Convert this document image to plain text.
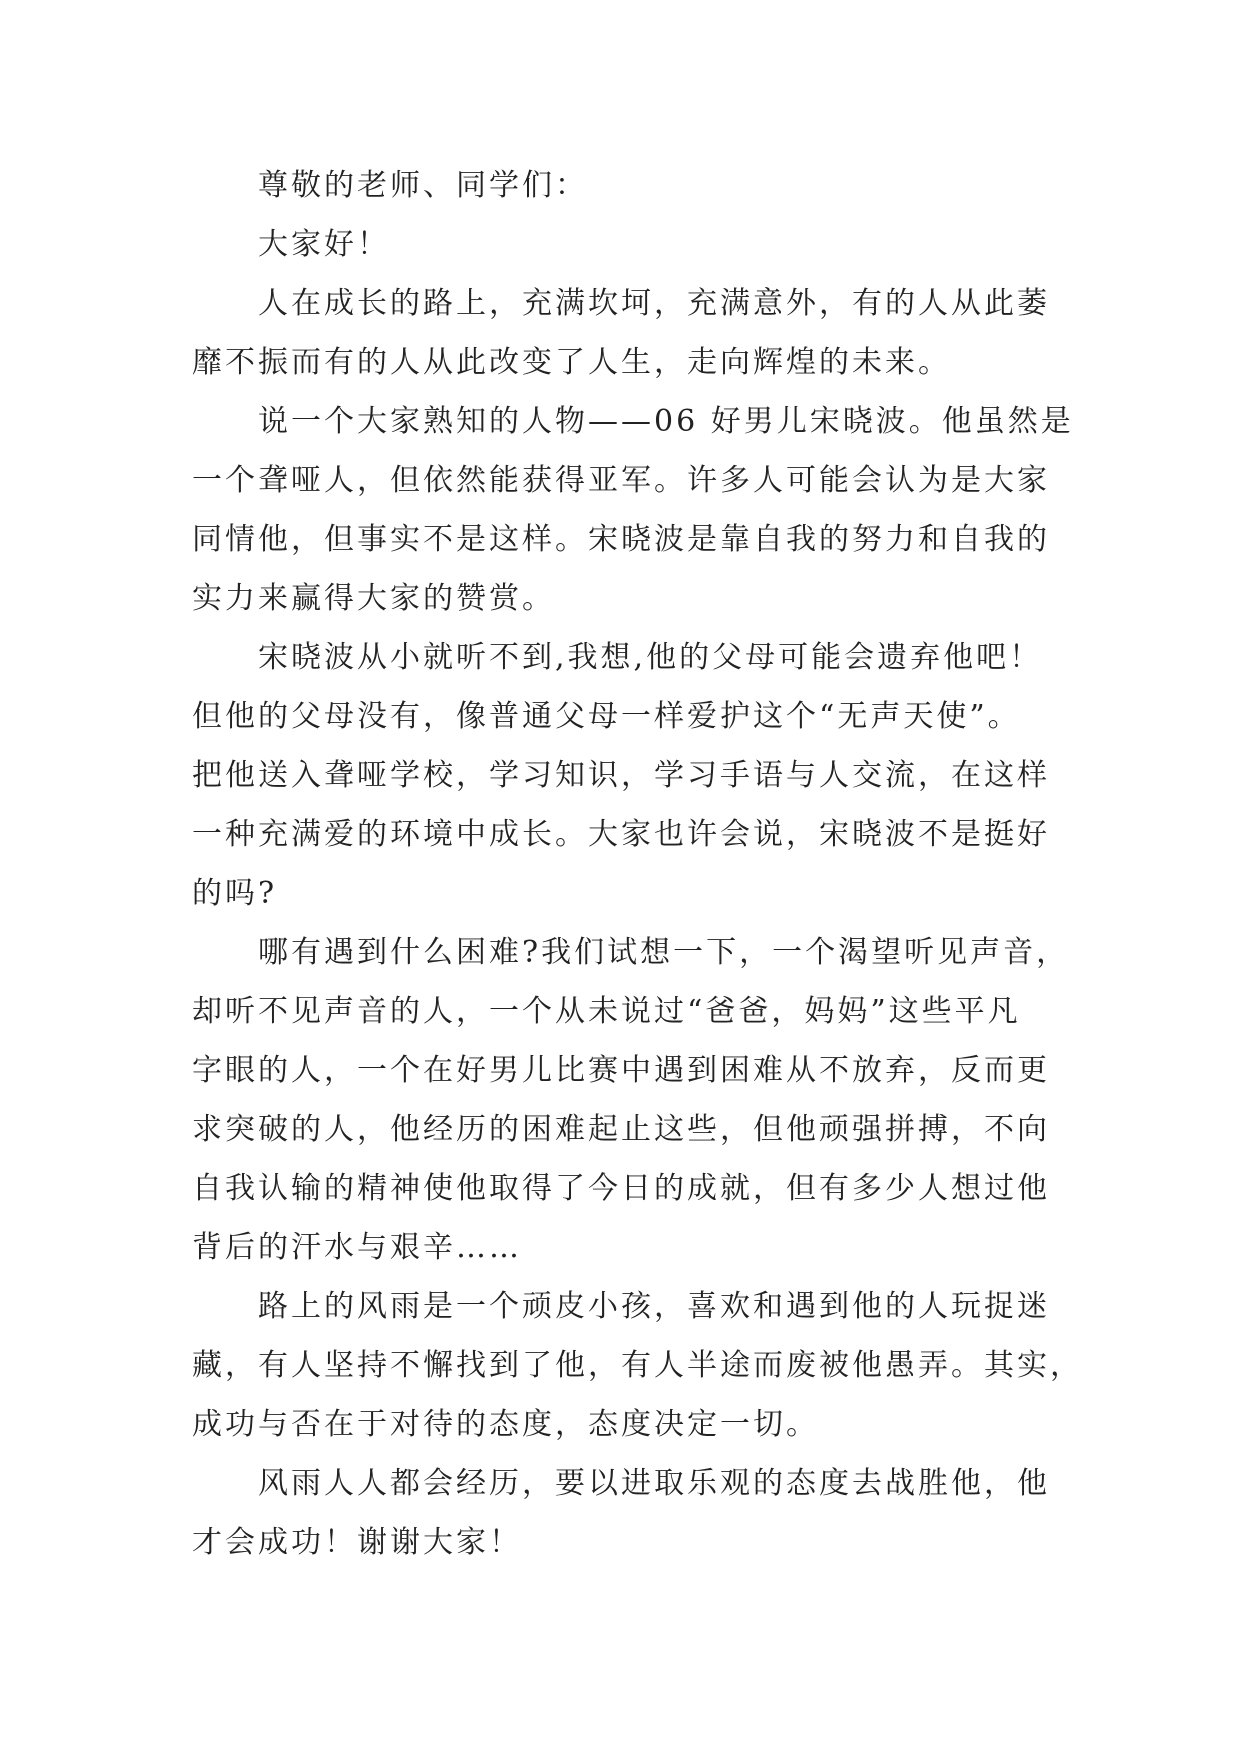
尊敬的老师、同学们：
大家好！
人在成长的路上，充满坎坷，充满意外，有的人从此萎
靡不振而有的人从此改变了人生，走向辉煌的未来。
说一个大家熟知的人物——06 好男儿宋晓波。他虽然是
一个聋哑人，但依然能获得亚军。许多人可能会认为是大家
同情他，但事实不是这样。宋晓波是靠自我的努力和自我的
实力来赢得大家的赞赏。
宋晓波从小就听不到,我想,他的父母可能会遗弃他吧！
但他的父母没有，像普通父母一样爱护这个“无声天使”。
把他送入聋哑学校，学习知识，学习手语与人交流，在这样
一种充满爱的环境中成长。大家也许会说，宋晓波不是挺好
的吗?
哪有遇到什么困难?我们试想一下，一个渴望听见声音，
却听不见声音的人，一个从未说过“爸爸，妈妈”这些平凡
字眼的人，一个在好男儿比赛中遇到困难从不放弃，反而更
求突破的人，他经历的困难起止这些，但他顽强拼搏，不向
自我认输的精神使他取得了今日的成就，但有多少人想过他
背后的汗水与艰辛……
路上的风雨是一个顽皮小孩，喜欢和遇到他的人玩捉迷
藏，有人坚持不懈找到了他，有人半途而废被他愚弄。其实，
成功与否在于对待的态度，态度决定一切。
风雨人人都会经历，要以进取乐观的态度去战胜他，他
才会成功！谢谢大家！
